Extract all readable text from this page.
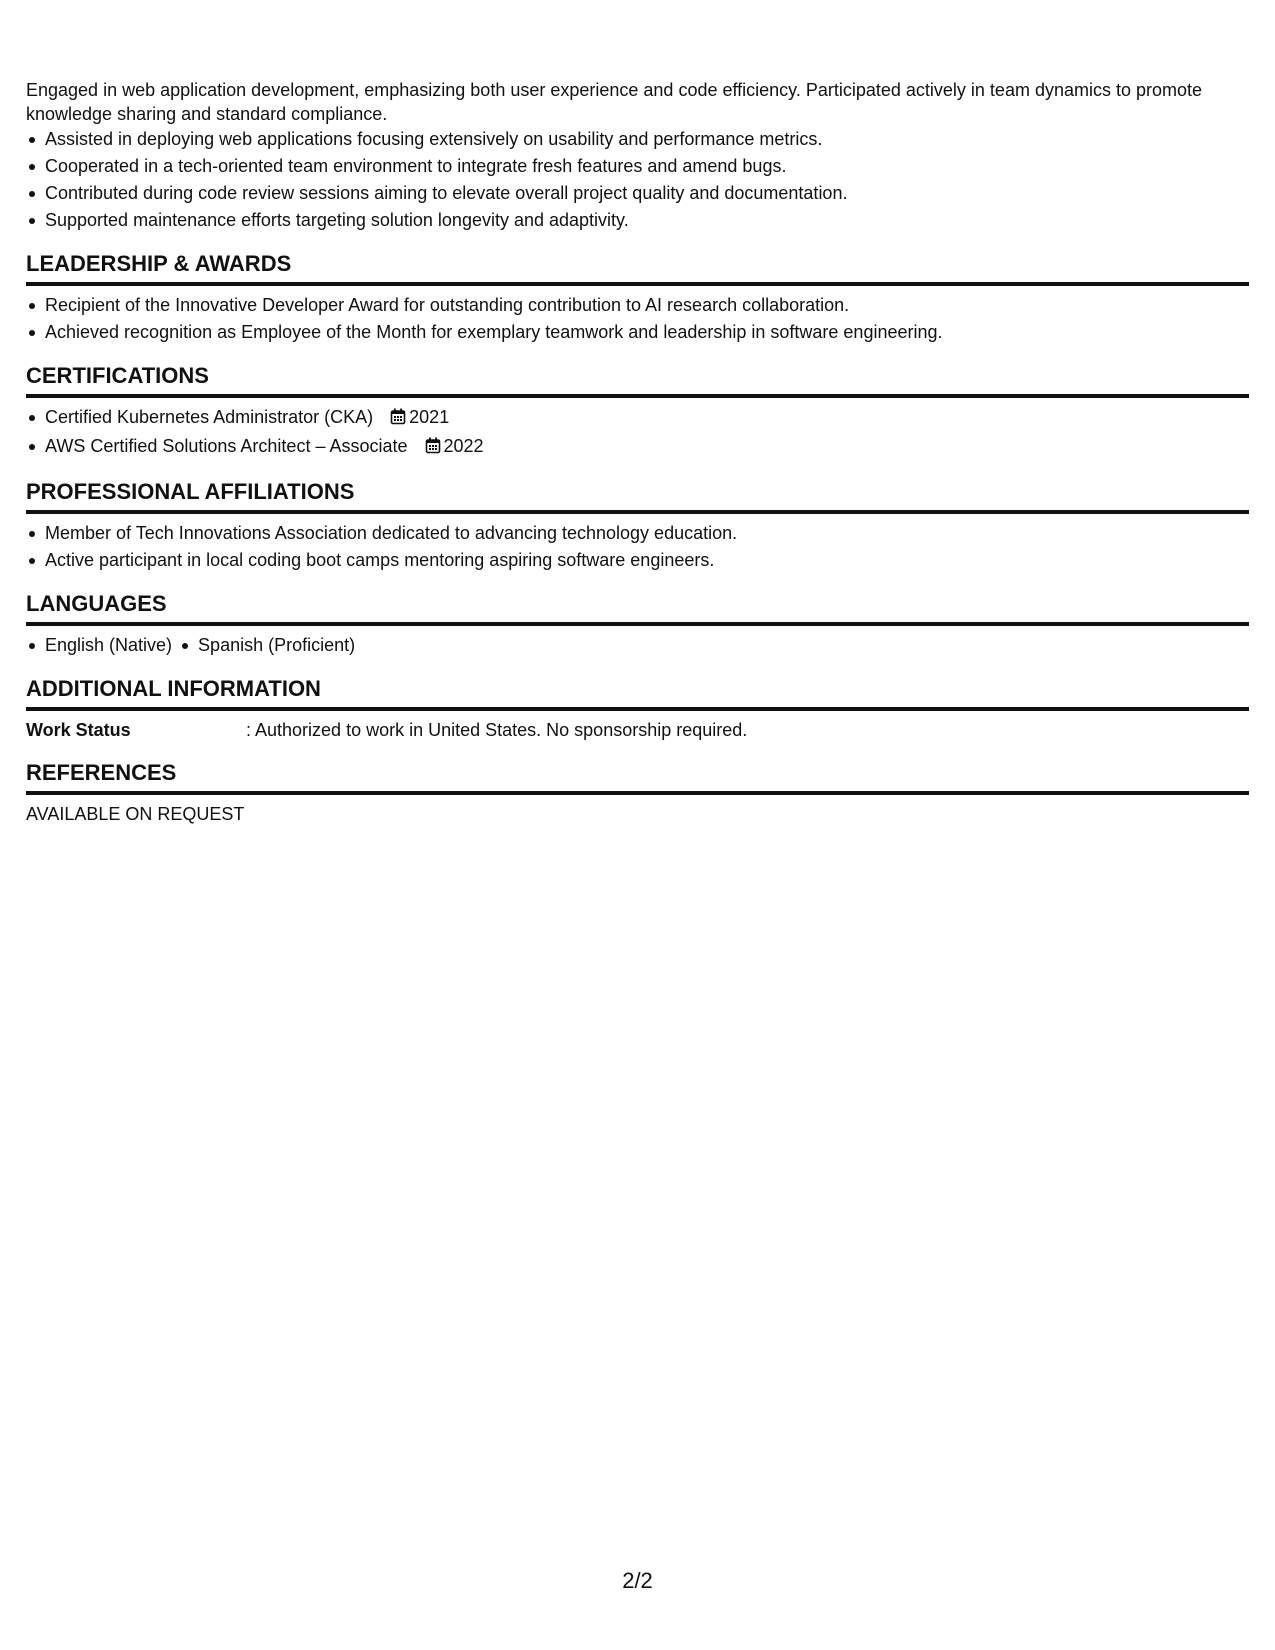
Engaged in web application development, emphasizing both user experience and code efficiency. Participated actively in team dynamics to promote knowledge sharing and standard compliance.

Assisted in deploying web applications focusing extensively on usability and performance metrics.
Cooperated in a tech-oriented team environment to integrate fresh features and amend bugs.
Contributed during code review sessions aiming to elevate overall project quality and documentation.
Supported maintenance efforts targeting solution longevity and adaptivity.
LEADERSHIP & AWARDS
Recipient of the Innovative Developer Award for outstanding contribution to AI research collaboration.
Achieved recognition as Employee of the Month for exemplary teamwork and leadership in software engineering.
CERTIFICATIONS
Certified Kubernetes Administrator (CKA) 2021
AWS Certified Solutions Architect – Associate 2022
PROFESSIONAL AFFILIATIONS
Member of Tech Innovations Association dedicated to advancing technology education.
Active participant in local coding boot camps mentoring aspiring software engineers.
LANGUAGES
English (Native) Spanish (Proficient)
ADDITIONAL INFORMATION
Work Status	: Authorized to work in United States. No sponsorship required.
REFERENCES
AVAILABLE ON REQUEST
2/2
